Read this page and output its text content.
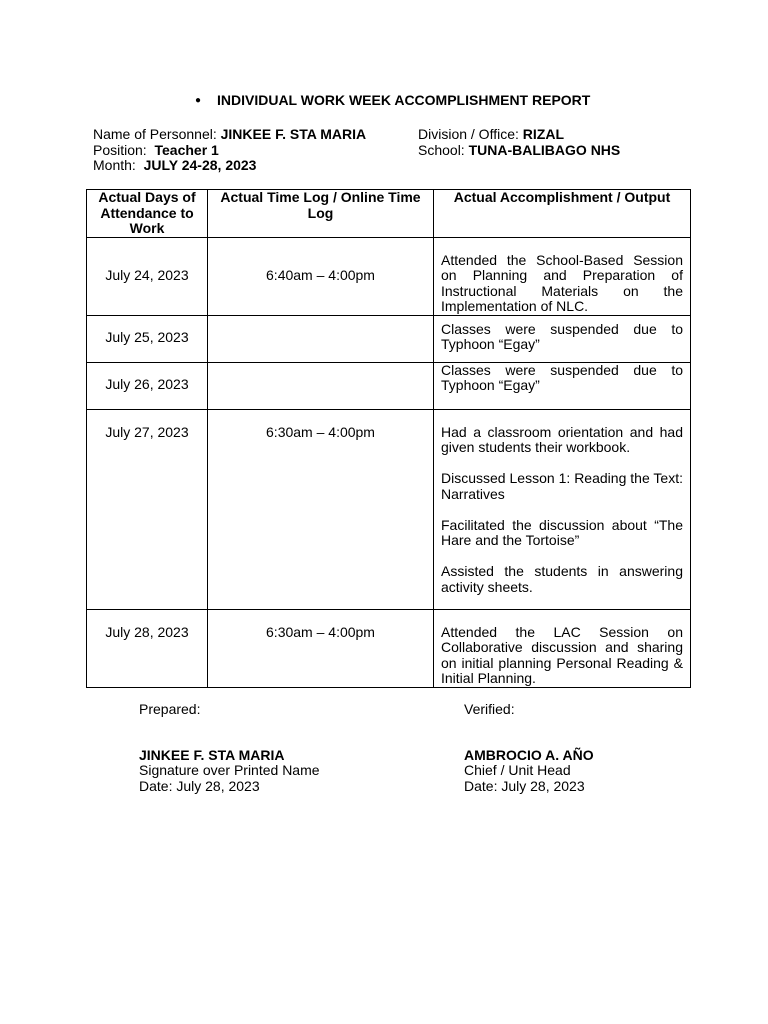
● INDIVIDUAL WORK WEEK ACCOMPLISHMENT REPORT
Name of Personnel: JINKEE F. STA MARIA
Position: Teacher 1
Month: JULY 24-28, 2023
Division / Office: RIZAL
School: TUNA-BALIBAGO NHS
Actual Days of Attendance to Work	Actual Time Log / Online Time Log	Actual Accomplishment / Output
July 24, 2023	6:40am – 4:00pm	Attended the School-Based Session on Planning and Preparation of Instructional Materials on the Implementation of NLC.

July 25, 2023		Classes were suspended due to Typhoon “Egay”

July 26, 2023		Classes were suspended due to Typhoon “Egay”

July 27, 2023	6:30am – 4:00pm	Had a classroom orientation and had given students their workbook.

Discussed Lesson 1: Reading the Text: Narratives

Facilitated the discussion about “The Hare and the Tortoise”

Assisted the students in answering activity sheets.

July 28, 2023	6:30am – 4:00pm	Attended the LAC Session on Collaborative discussion and sharing on initial planning Personal Reading & Initial Planning.

Prepared:
JINKEE F. STA MARIA
Signature over Printed Name
Date: July 28, 2023
Verified:
AMBROCIO A. AÑO
Chief / Unit Head
Date: July 28, 2023
